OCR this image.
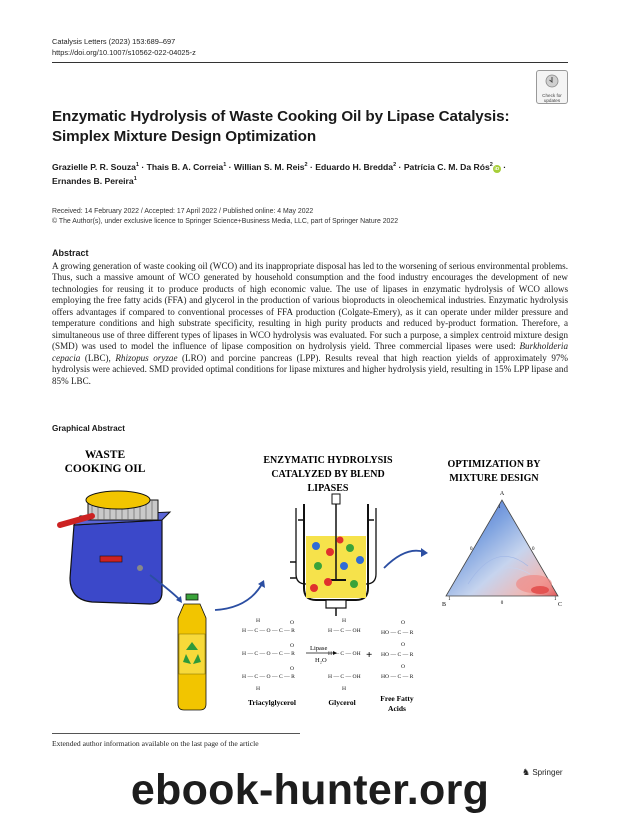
Catalysis Letters (2023) 153:689–697
https://doi.org/10.1007/s10562-022-04025-z
Check for
updates
Enzymatic Hydrolysis of Waste Cooking Oil by Lipase Catalysis: Simplex Mixture Design Optimization
Grazielle P. R. Souza$^1$ · Thais B. A. Correia$^1$ · Willian S. M. Reis$^2$ · Eduardo H. Bredda$^2$ · Patrícia C. M. Da Rós$^2$iD ·
Ernandes B. Pereira$^1$
Received: 14 February 2022 / Accepted: 17 April 2022 / Published online: 4 May 2022
© The Author(s), under exclusive licence to Springer Science+Business Media, LLC, part of Springer Nature 2022
Abstract
A growing generation of waste cooking oil (WCO) and its inappropriate disposal has led to the worsening of serious environmental problems. Thus, such a massive amount of WCO generated by household consumption and the food industry encourages the development of new technologies for reusing it to produce products of high economic value. The use of lipases in enzymatic hydrolysis of WCO allows employing the free fatty acids (FFA) and glycerol in the production of various bioproducts in oleochemical industries. Enzymatic hydrolysis offers advantages if compared to conventional processes of FFA production (Colgate-Emery), as it can operate under milder pressure and temperature conditions and high substrate specificity, resulting in high purity products and reduced by-product formation. Therefore, a simultaneous use of three different types of lipases in WCO hydrolysis was evaluated. For such a purpose, a simplex centroid mixture design (SMD) was used to model the influence of lipase composition on hydrolysis yield. Three commercial lipases were used: Burkholderia cepacia (LBC), Rhizopus oryzae (LRO) and porcine pancreas (LPP). Results reveal that high reaction yields of approximately 97% hydrolysis were achieved. SMD provided optimal conditions for lipase mixtures and higher hydrolysis yield, resulting in 15% LPP lipase and 85% LBC.
Graphical Abstract
WASTE
COOKING OIL
ENZYMATIC HYDROLYSIS
CATALYZED BY BLEND
LIPASES
OPTIMIZATION BY
MIXTURE DESIGN
A
B	C
0	0
0
1
1	1
H — C — O — C — R
H — C — O — C — R
H — C — O — C — R
H
H
O
O
O
Lipase
H₂O
H — C — OH
H — C — OH
H — C — OH
H
H
+
HO — C — R
HO — C — R
HO — C — R
O
O
O
Triacylglycerol	Glycerol	Free Fatty
Acids
Extended author information available on the last page of the article
♞ Springer
ebook-hunter.org
